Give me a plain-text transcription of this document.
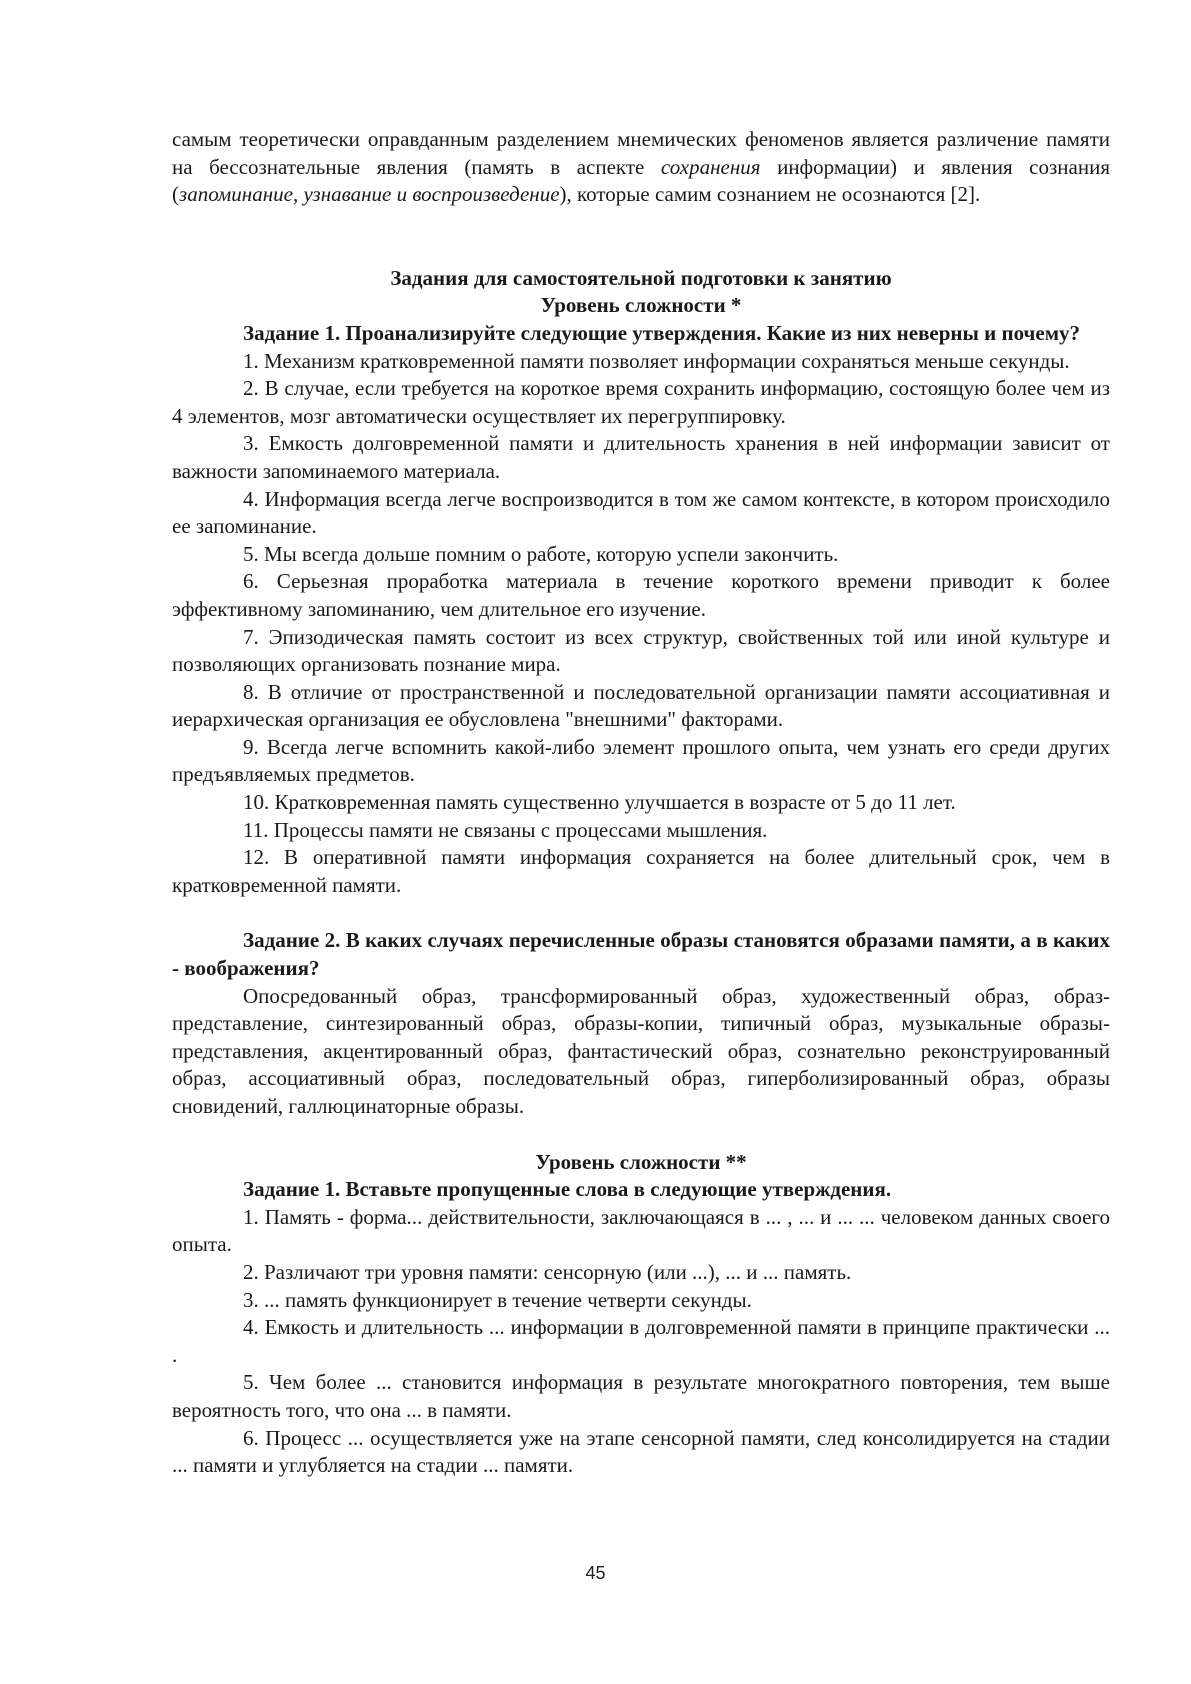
самым теоретически оправданным разделением мнемических феноменов является различение памяти на бессознательные явления (память в аспекте сохранения информации) и явления сознания (запоминание, узнавание и воспроизведение), которые самим сознанием не осознаются [2].

Задания для самостоятельной подготовки к занятию

Уровень сложности *

Задание 1. Проанализируйте следующие утверждения. Какие из них неверны и почему?

1. Механизм кратковременной памяти позволяет информации сохраняться меньше секунды.

2. В случае, если требуется на короткое время сохранить информацию, состоящую более чем из 4 элементов, мозг автоматически осуществляет их перегруппировку.

3. Емкость долговременной памяти и длительность хранения в ней информации зависит от важности запоминаемого материала.

4. Информация всегда легче воспроизводится в том же самом контексте, в котором происходило ее запоминание.

5. Мы всегда дольше помним о работе, которую успели закончить.

6. Серьезная проработка материала в течение короткого времени приводит к более эффективному запоминанию, чем длительное его изучение.

7. Эпизодическая память состоит из всех структур, свойственных той или иной культуре и позволяющих организовать познание мира.

8. В отличие от пространственной и последовательной организации памяти ассоциативная и иерархическая организация ее обусловлена "внешними" факторами.

9. Всегда легче вспомнить какой-либо элемент прошлого опыта, чем узнать его среди других предъявляемых предметов.

10. Кратковременная память существенно улучшается в возрасте от 5 до 11 лет.

11. Процессы памяти не связаны с процессами мышления.

12. В оперативной памяти информация сохраняется на более длительный срок, чем в кратковременной памяти.

Задание 2. В каких случаях перечисленные образы становятся образами памяти, а в каких - воображения?

Опосредованный образ, трансформированный образ, художественный образ, образ-представление, синтезированный образ, образы-копии, типичный образ, музыкальные образы-представления, акцентированный образ, фантастический образ, сознательно реконструированный образ, ассоциативный образ, последовательный образ, гиперболизированный образ, образы сновидений, галлюцинаторные образы.

Уровень сложности **

Задание 1. Вставьте пропущенные слова в следующие утверждения.

1. Память - форма... действительности, заключающаяся в ... , ... и ... ... человеком данных своего опыта.

2. Различают три уровня памяти: сенсорную (или ...), ... и ... память.

3. ... память функционирует в течение четверти секунды.

4. Емкость и длительность ... информации в долговременной памяти в принципе практически ... .

5. Чем более ... становится информация в результате многократного повторения, тем выше вероятность того, что она ... в памяти.

6. Процесс ... осуществляется уже на этапе сенсорной памяти, след консолидируется на стадии ... памяти и углубляется на стадии ... памяти.

45
